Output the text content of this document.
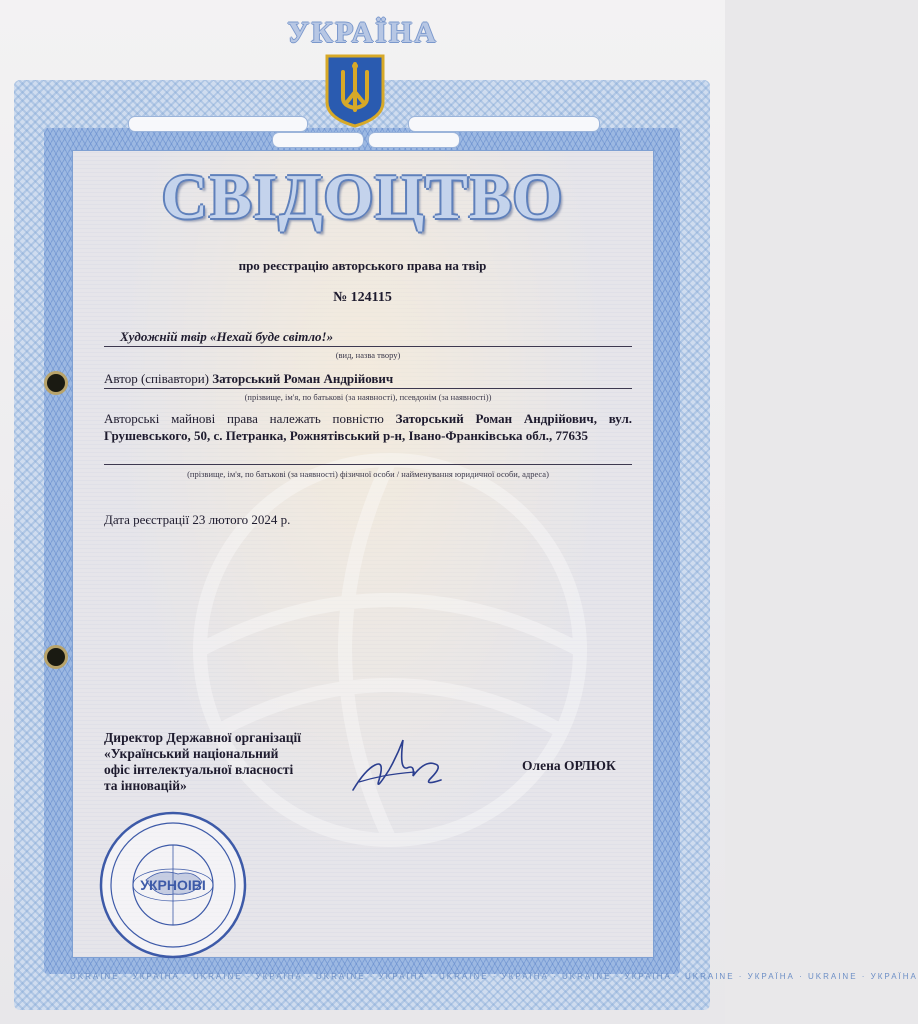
УКРАЇНА
СВІДОЦТВО
про реєстрацію авторського права на твір
№ 124115
Художній твір «Нехай буде світло!»
(вид, назва твору)
Автор (співавтори) Заторський Роман Андрійович
(прізвище, ім'я, по батькові (за наявності), псевдонім (за наявності))
Авторські майнові права належать повністю Заторський Роман Андрійович, вул. Грушевського, 50, с. Петранка, Рожнятівський р-н, Івано-Франківська обл., 77635
(прізвище, ім'я, по батькові (за наявності) фізичної особи / найменування юридичної особи, адреса)
Дата реєстрації 23 лютого 2024 р.
Директор Державної організації
«Український національний
офіс інтелектуальної власності
та інновацій»
Олена ОРЛЮК
УКРНОІВІ
UKRAINE · УКРАЇНА · UKRAINE · УКРАЇНА · UKRAINE · УКРАЇНА · UKRAINE · УКРАЇНА · UKRAINE · УКРАЇНА · UKRAINE · УКРАЇНА · UKRAINE · УКРАЇНА
